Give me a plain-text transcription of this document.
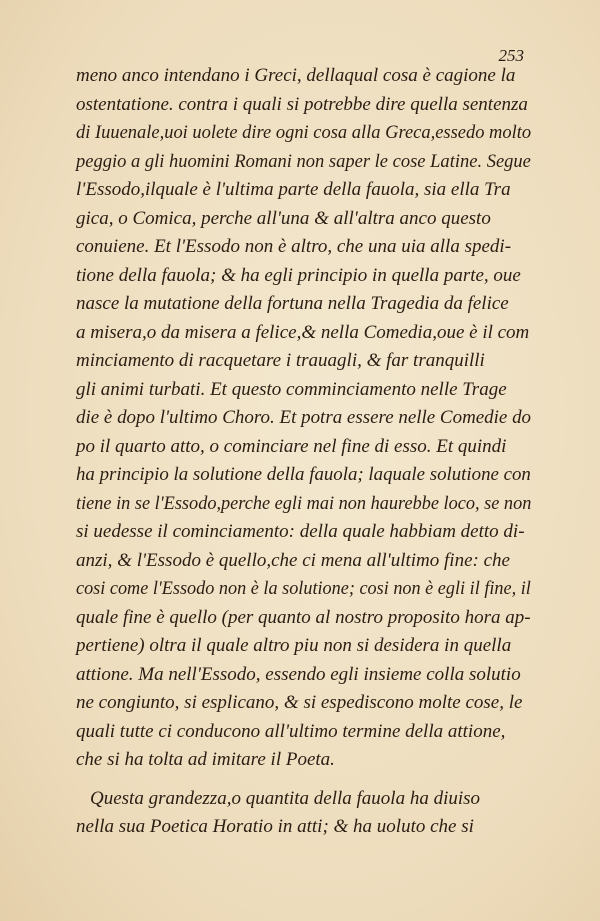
253
meno anco intendano i Greci, dellaqual cosa è cagione la
ostentatione. contra i quali si potrebbe dire quella sentenza
di Iuuenale,uoi uolete dire ogni cosa alla Greca,essedo molto
peggio a gli huomini Romani non saper le cose Latine. Segue
l'Essodo,ilquale è l'ultima parte della fauola, sia ella Tra
gica, o Comica, perche all'una & all'altra anco questo
conuiene. Et l'Essodo non è altro, che una uia alla spedi-
tione della fauola; & ha egli principio in quella parte, oue
nasce la mutatione della fortuna nella Tragedia da felice
a misera,o da misera a felice,& nella Comedia,oue è il com
minciamento di racquetare i trauagli, & far tranquilli
gli animi turbati. Et questo comminciamento nelle Trage
die è dopo l'ultimo Choro. Et potra essere nelle Comedie do
po il quarto atto, o cominciare nel fine di esso. Et quindi
ha principio la solutione della fauola; laquale solutione con
tiene in se l'Essodo,perche egli mai non haurebbe loco, se non
si uedesse il cominciamento: della quale habbiam detto di-
anzi, & l'Essodo è quello,che ci mena all'ultimo fine: che
cosi come l'Essodo non è la solutione; cosi non è egli il fine, il
quale fine è quello (per quanto al nostro proposito hora ap-
pertiene) oltra il quale altro piu non si desidera in quella
attione. Ma nell'Essodo, essendo egli insieme colla solutio
ne congiunto, si esplicano, & si espediscono molte cose, le
quali tutte ci conducono all'ultimo termine della attione,
che si ha tolta ad imitare il Poeta.
Questa grandezza,o quantita della fauola ha diuiso
nella sua Poetica Horatio in atti; & ha uoluto che si
